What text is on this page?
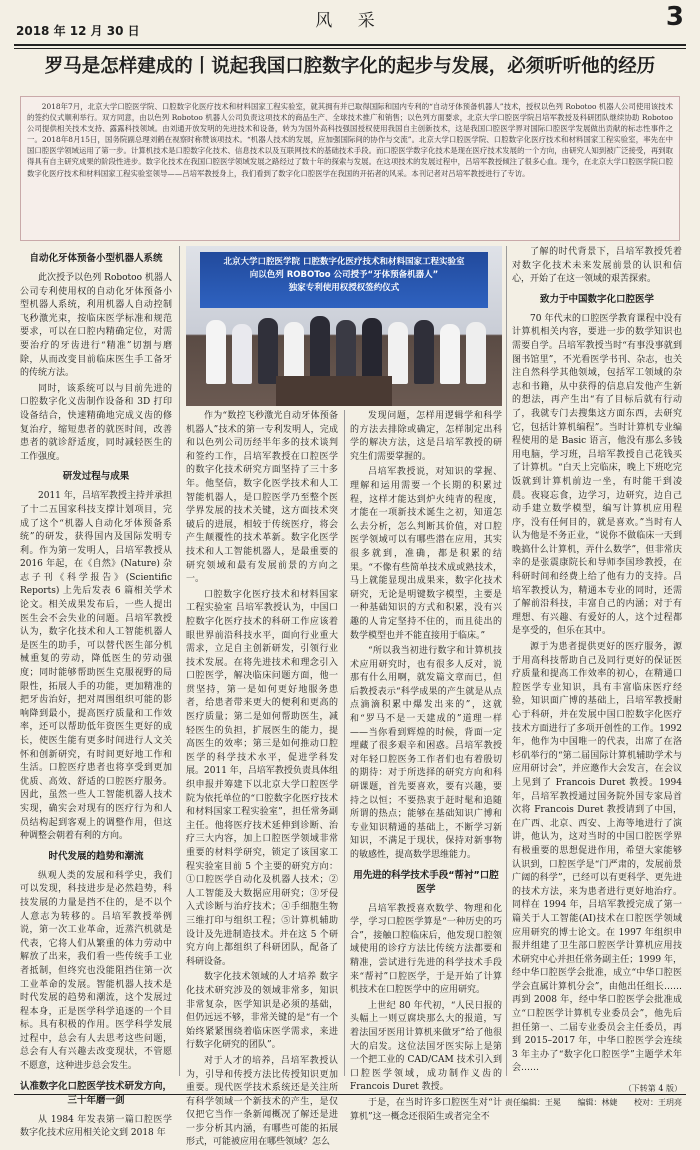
2018 年 12 月 30 日	风 采	3
罗马是怎样建成的丨说起我国口腔数字化的起步与发展，必须听听他的经历
2018年7月，北京大学口腔医学院、口腔数字化医疗技术和材料国家工程实验室，就其拥有并已取得国际和国内专利的“自动牙体预备机器人”技术，授权以色列 Robotoo 机器人公司使用该技术的签约仪式顺利举行。双方同意，由以色列 Robotoo 机器人公司负责这项技术的商品生产、全球技术推广和销售；以色列方面要求，北京大学口腔医学院吕培军教授及科研团队继续协助 Robotoo 公司提供相关技术支持、露露科技领域。由刘通开放发明的先进技术和设备，转为为国外高科技强国授权使用我国自主创新技术，这是我国口腔医学界对国际口腔医学发展做出贡献的标志性事件之一。2018年8月15日，国务院副总理刘鹤在视察时称赞该项技术。“机器人技术的发展，应加强国际间的协作与交流”。北京大学口腔医学院、口腔数字化医疗技术和材料国家工程实验室，率先在中国口腔医学领域运用了第一步。计算机技术是口腔数字化技术、信息技术以及互联网技术的基础技术手段。而口腔医学数字化技术是现在医疗技术发展的一个方向，由研究人知到被广泛接受，再到取得具有自主研究成果的阶段性进步。数字化技术在我国口腔医学领域发展之路经过了数十年的探索与发展。在这项技术的发展过程中，吕培军教授倾注了很多心血。现今，在北京大学口腔医学院口腔数字化医疗技术和材料国家工程实验室领导——吕培军教授身上，我们看到了数字化口腔医学在我国的开拓者的风采。本刊记者对吕培军教授进行了专访。
自动化牙体预备小型机器人系统

此次授予以色列 Robotoo 机器人公司专利使用权的自动化牙体预备小型机器人系统，利用机器人自动控制飞秒激光束，按临床医学标准和规范要求，可以在口腔内精确定位，对需要治疗的牙齿进行“精准”切割与磨除，从而改变目前临床医生手工备牙的传统方法。

同时，该系统可以与目前先进的口腔数字化义齿制作设备和 3D 打印设备结合，快速精确地完成义齿的修复治疗，缩短患者的就医时间，改善患者的就诊舒适度，同时减轻医生的工作强度。

研发过程与成果

2011 年，吕培军教授主持并承担了十二五国家科技支撑计划项目，完成了这个“机器人自动化牙体预备系统”的研发，获得国内及国际发明专利。作为第一发明人，吕培军教授从 2016 年起，在《自然》(Nature) 杂志子刊《科学报告》(Scientific Reports) 上先后发表 6 篇相关学术论文。相关成果发布后，一些人提出医生会不会失业的问题。吕培军教授认为，数字化技术和人工智能机器人是医生的助手，可以替代医生部分机械重复的劳动，降低医生的劳动强度；同时能够帮助医生克服视野的局限性，拓展人手的功能，更加精准的把牙齿治好，把对周围组织可能的影响降到最小，提高医疗质量和工作效率，还可以帮助低年资医生更好的成长，使医生能有更多时间进行人文关怀和创新研究，有时间更好地工作和生活。口腔医疗患者也将享受到更加优质、高效、舒适的口腔医疗服务。因此，虽然一些人工智能机器人技术实现，确实会对现有的医疗行为和人员结构起到客观上的调整作用，但这种调整会朝着有利的方向。

时代发展的趋势和潮流

纵观人类的发展和科学史，我们可以发现，科技进步是必然趋势，科技发展的力量是挡不住的，是不以个人意志为转移的。吕培军教授举例说，第一次工业革命，近蒸汽机就是代表，它将人们从繁重的体力劳动中解放了出来，我们看一些传统手工业者抵制，但终究也没能阻挡住第一次工业革命的发展。智能机器人技术是时代发展的趋势和潮流，这个发展过程本身，正是医学科学追逐的一个目标。具有积极的作用。医学科学发展过程中，总会有人去思考这些问题，总会有人有兴趣去改变现状，不管愿不愿意，这种进步总会发生。

认准数字化口腔医学技术研发方向，三十年磨一剑

从 1984 年发表第一篇口腔医学数字化技术应用相关论文到 2018 年

北京大学口腔医学院 口腔数字化医疗技术和材料国家工程实验室
向以色列 ROBOToo 公司授予“牙体预备机器人”
独家专利使用权授权签约仪式

作为“数控飞秒激光自动牙体预备机器人”技术的第一专利发明人，完成和以色列公司历经半年多的技术谈判和签约工作，吕培军教授在口腔医学的数字化技术研究方面坚持了三十多年。他坚信，数字化医学技术和人工智能机器人，是口腔医学乃至整个医学界发展的技术关键，这方面技术突破后的进展，相较于传统医疗，将会产生颠覆性的技术革新。数字化医学技术和人工智能机器人，是最重要的研究领域和最有发展前景的方向之一。

口腔数字化医疗技术和材料国家工程实验室 吕培军教授认为，中国口腔数字化医疗技术的科研工作应该着眼世界前沿科技水平，面向行业重大需求，立足自主创新研发，引领行业技术发展。在将先进技术和理念引入口腔医学，解决临床问题方面，他一贯坚持，第一是如何更好地服务患者，给患者带来更大的便利和更高的医疗质量；第二是如何帮助医生，减轻医生的负担，扩展医生的能力，提高医生的效率；第三是如何推动口腔医学的科学技术水平，促进学科发展。2011 年，吕培军教授负责具体组织申报并筹建下以北京大学口腔医学院为依托单位的“口腔数字化医疗技术和材料国家工程实验室”，担任常务副主任。他将医疗技术延伸到诊断、治疗三大内容，加上口腔医学领域非常重要的材料学研究，锁定了该国家工程实验室目前 5 个主要的研究方向：①口腔医学自动化及机器人技术；②人工智能及大数据应用研究；③牙侵入式诊断与治疗技术；④手细胞生物三维打印与组织工程；⑤计算机辅助设计及先进制造技术。并在这 5 个研究方向上都组织了科研团队，配备了科研设备。

数字化技术领域的人才培养 数字化技术研究涉及的领域非常多，知识非常复杂，医学知识是必须的基础，但仍远远不够，非常关键的是“有一个始终紧紧围绕着临床医学需求，来进行数字化研究的团队”。

对于人才的培养，吕培军教授认为，引导和传授方法比传授知识更加重要。现代医学技术系统还是关注所有科学领域一个新技术的产生，是仅仅把它当作一条新闻概况了解还是进一步分析其内涵，有哪些可能的拓展形式，可能被应用在哪些领域？怎么

发现问题，怎样用逻辑学和科学的方法去排除或确定，怎样制定出科学的解决方法，这是吕培军教授的研究生们需要掌握的。

吕培军教授说，对知识的掌握、理解和运用需要一个长期的积累过程，这样才能达到炉火纯青的程度，才能在一项新技术诞生之初，知道怎么去分析，怎么判断其价值，对口腔医学领域可以有哪些潜在应用，其实很多就到，准确，都是积累的结果。“不像有些简单技术成或熟技术，马上就能显现出成果来，数字化技术研究，无论是明键数字模型，主要是一种基础知识的方式和积累，没有兴趣的人肯定坚持不住的，而且徒出的数学模型也并不能直接用于临床。”

“所以我当初进行数字和计算机技术应用研究时，也有很多人反对，说那有什么用啊，就发篇文章而已，但后教授表示“科学成果的产生就是从点点滴滴积累中爆发出来的”，这就和“罗马不是一天建成的”道理一样——当你看到辉煌的时候，背面一定埋藏了很多艰辛和困惑。吕培军教授对年轻口腔医务工作者们也有着殷切的期待：对于所选择的研究方向和科研课题，首先要喜欢，要有兴趣，要持之以恒；不要热衷于赶时髦和追随所谓的热点；能够在基础知识广博和专业知识精通的基础上，不断学习新知识，不满足于现状，保持对新事物的敏感性，提高数学思维能力。

用先进的科学技术手段“帮衬”口腔医学

吕培军教授喜欢数学、物理和化学，学习口腔医学算是“一种历史的巧合”，接触口腔临床后，他发现口腔领域使用的诊疗方法比传统方法都要和精准，尝试进行先进的科学技术手段来“帮衬”口腔医学，于是开始了计算机技术在口腔医学中的应用研究。

上世纪 80 年代初，“人民日报的头幅上一则豆腐块那么大的报道，写着法国牙医用计算机来做牙”给了他很大的启发。这位法国牙医实际上是第一个把工业的 CAD/CAM 技术引入到口腔医学领域，成功制作义齿的 Francois Duret 教授。

于是，在当时许多口腔医生对“计算机”这一概念还很陌生或者完全不

了解的时代背景下，吕培军教授凭着对数字化技术未来发展前景的认识和信心，开始了在这一领域的艰苦探索。

致力于中国数字化口腔医学

70 年代末的口腔医学教育课程中没有计算机相关内容，要进一步的数学知识也需要自学。吕培军教授当时“有事没事就到图书馆里”，不光看医学书刊、杂志，也关注自然科学其他领域，包括军工领域的杂志和书籍，从中获得的信息启发他产生新的想法，再产生出“有了目标后就有行动了，我就专门去搜集这方面东西，去研究它，包括计算机编程”。当时计算机专业编程使用的是 Basic 语言，他没有那么多钱用电脑，学习班，吕培军教授自己花钱买了计算机。“白天上完临床，晚上下班吃完饭就到计算机前边一坐，有时能干到凌晨。夜寝忘食，边学习，边研究，边自己动手建立数学模型，编写计算机应用程序，没有任何目的，就是喜欢。”当时有人认为他是不务正业，“说你不做临床一天到晚搞什么计算机，弄什么数学”，但非常庆幸的是张震康院长和导师李国珍教授，在科研时间和经费上给了他有力的支持。吕培军教授认为，精通本专业的同时，还需了解前沿科技，丰富自己的内涵；对于有理想、有兴趣、有爱好的人，这个过程都是享受的，但乐在其中。

源于为患者提供更好的医疗服务，源于用高科技帮助自己及同行更好的保证医疗质量和提高工作效率的初心，在精通口腔医学专业知识，具有丰富临床医疗经验，知识面广博的基础上，吕培军教授耐心于科研，并在发展中国口腔数字化医疗技术方面进行了多项开创性的工作。1992 年，他作为中国唯一的代表，出席了在洛杉矶举行的“第二届国际计算机辅助学术与应用研讨会”，并应邀作大会发言，在会议上见到了 Francois Duret 教授。1994 年，吕培军教授通过国务院外国专家局首次将 Francois Duret 教授请到了中国，在广西、北京、西安、上海等地进行了演讲，他认为，这对当时的中国口腔医学界有极重要的思想促进作用，希望大家能够认识到，口腔医学是“门严肃的，发展前景广阔的科学”，已经可以有更科学、更先进的技术方法，来为患者进行更好地治疗。同样在 1994 年，吕培军教授完成了第一篇关于人工智能(AI)技术在口腔医学领域应用研究的博士论文。在 1997 年组织申报并组建了卫生部口腔医学计算机应用技术研究中心并担任常务副主任；1999 年，经中华口腔医学会批准，成立“中华口腔医学会直属计算机分会”，由他出任组长……再到 2008 年，经中华口腔医学会批准成立“口腔医学计算机专业委员会”，他先后担任第一、二届专业委员会主任委员，再到 2015–2017 年，中华口腔医学会连续 3 年主办了“数字化口腔医学”主题学术年会……

（下转第 4 版）
责任编辑：王冕 编辑：林婕 校对：王玥亮
